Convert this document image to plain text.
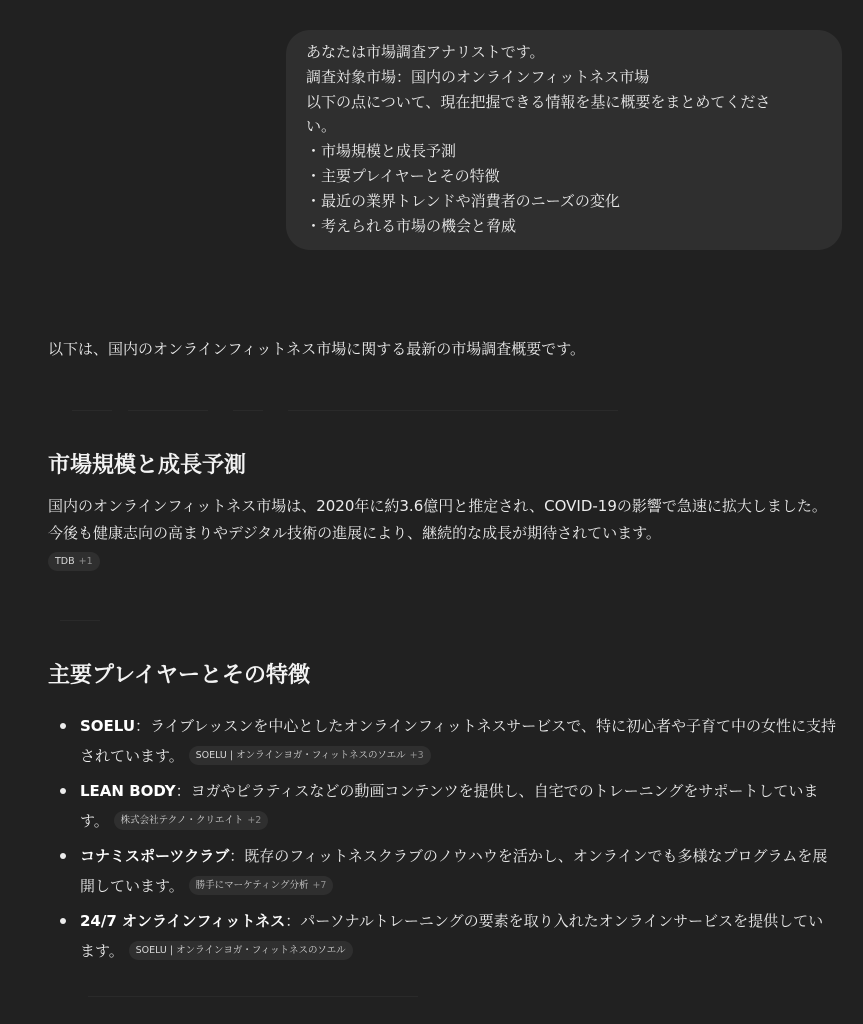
あなたは市場調査アナリストです。
調査対象市場：国内のオンラインフィットネス市場
以下の点について、現在把握できる情報を基に概要をまとめてくださ
い。
・市場規模と成長予測
・主要プレイヤーとその特徴
・最近の業界トレンドや消費者のニーズの変化
・考えられる市場の機会と脅威

以下は、国内のオンラインフィットネス市場に関する最新の市場調査概要です。

市場規模と成長予測

国内のオンラインフィットネス市場は、2020年に約3.6億円と推定され、COVID-19の影響で急速に拡大しました。今後も健康志向の高まりやデジタル技術の進展により、継続的な成長が期待されています。

TDB +1
主要プレイヤーとその特徴
SOELU：ライブレッスンを中心としたオンラインフィットネスサービスで、特に初心者や子育て中の女性に支持されています。 SOELU | オンラインヨガ・フィットネスのソエル +3
LEAN BODY：ヨガやピラティスなどの動画コンテンツを提供し、自宅でのトレーニングをサポートしています。 株式会社テクノ・クリエイト +2
コナミスポーツクラブ：既存のフィットネスクラブのノウハウを活かし、オンラインでも多様なプログラムを展開しています。 勝手にマーケティング分析 +7
24/7 オンラインフィットネス：パーソナルトレーニングの要素を取り入れたオンラインサービスを提供しています。 SOELU | オンラインヨガ・フィットネスのソエル
